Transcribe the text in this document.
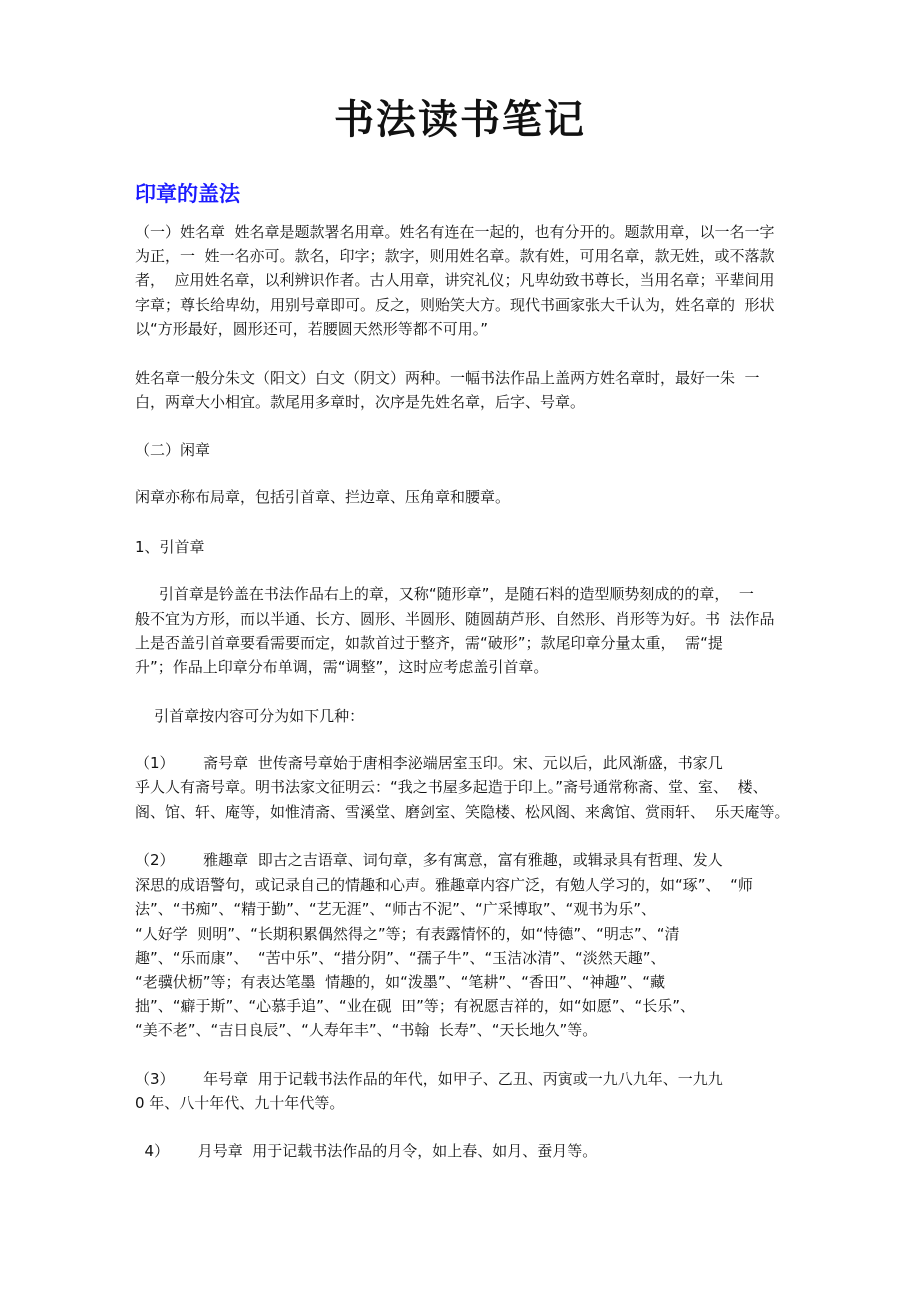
书法读书笔记
印章的盖法
（一）姓名章  姓名章是题款署名用章。姓名有连在一起的，也有分开的。题款用章，以一名一字
为正，一  姓一名亦可。款名，印字；款字，则用姓名章。款有姓，可用名章，款无姓，或不落款
者，  应用姓名章，以利辨识作者。古人用章，讲究礼仪；凡卑幼致书尊长，当用名章；平辈间用
字章；尊长给卑幼，用别号章即可。反之，则贻笑大方。现代书画家张大千认为，姓名章的  形状
以“方形最好，圆形还可，若腰圆天然形等都不可用。”
姓名章一般分朱文（阳文）白文（阴文）两种。一幅书法作品上盖两方姓名章时，最好一朱  一
白，两章大小相宜。款尾用多章时，次序是先姓名章，后字、号章。
（二）闲章
闲章亦称布局章，包括引首章、拦边章、压角章和腰章。
1、引首章
引首章是钤盖在书法作品右上的章，又称“随形章”，是随石料的造型顺势刻成的的章，  一
般不宜为方形，而以半通、长方、圆形、半圆形、随圆葫芦形、自然形、肖形等为好。书  法作品
上是否盖引首章要看需要而定，如款首过于整齐，需“破形”；款尾印章分量太重，  需“提
升”；作品上印章分布单调，需“调整”，这时应考虑盖引首章。
引首章按内容可分为如下几种：
（1）      斋号章  世传斋号章始于唐相李泌端居室玉印。宋、元以后，此风渐盛，书家几
乎人人有斋号章。明书法家文征明云：“我之书屋多起造于印上。”斋号通常称斋、堂、室、  楼、
阁、馆、轩、庵等，如惟清斋、雪溪堂、磨剑室、笑隐楼、松风阁、来禽馆、赏雨轩、  乐天庵等。
（2）      雅趣章  即古之吉语章、词句章，多有寓意，富有雅趣，或辑录具有哲理、发人
深思的成语警句，或记录自己的情趣和心声。雅趣章内容广泛，有勉人学习的，如“琢”、  “师
法”、“书痴”、“精于勤”、“艺无涯”、“师古不泥”、“广采博取”、“观书为乐”、
“人好学  则明”、“长期积累偶然得之”等；有表露情怀的，如“恃德”、“明志”、“清
趣”、“乐而康”、  “苦中乐”、“措分阴”、“孺子牛”、“玉洁冰清”、“淡然天趣”、
“老骥伏枥”等；有表达笔墨  情趣的，如“泼墨”、“笔耕”、“香田”、“神趣”、“藏
拙”、“癖于斯”、“心慕手追”、“业在砚  田”等；有祝愿吉祥的，如“如愿”、“长乐”、
“美不老”、“吉日良辰”、“人寿年丰”、“书翰  长寿”、“天长地久”等。
（3）      年号章  用于记载书法作品的年代，如甲子、乙丑、丙寅或一九八九年、一九九
0 年、八十年代、九十年代等。
4）      月号章  用于记载书法作品的月令，如上春、如月、蚕月等。
